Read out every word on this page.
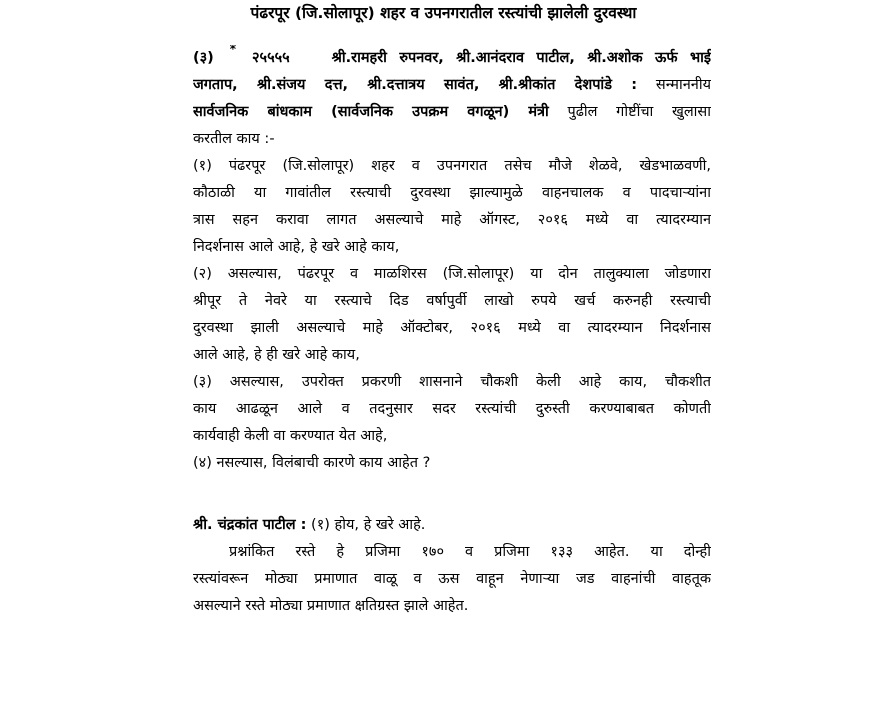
पंढरपूर (जि.सोलापूर) शहर व उपनगरातील रस्त्यांची झालेली दुरवस्था
(३) * २५५५५	श्री.रामहरी रुपनवर, श्री.आनंदराव पाटील, श्री.अशोक ऊर्फ भाई
जगताप, श्री.संजय दत्त, श्री.दत्तात्रय सावंत, श्री.श्रीकांत देशपांडे : सन्माननीय
सार्वजनिक बांधकाम (सार्वजनिक उपक्रम वगळून) मंत्री पुढील गोष्टींचा खुलासा
करतील काय :-
(१) पंढरपूर (जि.सोलापूर) शहर व उपनगरात तसेच मौजे शेळवे, खेडभाळवणी,
कौठाळी या गावांतील रस्त्याची दुरवस्था झाल्यामुळे वाहनचालक व पादचाऱ्यांना
त्रास सहन करावा लागत असल्याचे माहे ऑगस्ट, २०१६ मध्ये वा त्यादरम्यान
निदर्शनास आले आहे, हे खरे आहे काय,
(२) असल्यास, पंढरपूर व माळशिरस (जि.सोलापूर) या दोन तालुक्याला जोडणारा
श्रीपूर ते नेवरे या रस्त्याचे दिड वर्षापुर्वी लाखो रुपये खर्च करुनही रस्त्याची
दुरवस्था झाली असल्याचे माहे ऑक्टोबर, २०१६ मध्ये वा त्यादरम्यान निदर्शनास
आले आहे, हे ही खरे आहे काय,
(३) असल्यास, उपरोक्त प्रकरणी शासनाने चौकशी केली आहे काय, चौकशीत
काय आढळून आले व तदनुसार सदर रस्त्यांची दुरुस्ती करण्याबाबत कोणती
कार्यवाही केली वा करण्यात येत आहे,
(४) नसल्यास, विलंबाची कारणे काय आहेत ?
श्री. चंद्रकांत पाटील : (१) होय, हे खरे आहे.
प्रश्नांकित रस्ते हे प्रजिमा १७० व प्रजिमा १३३ आहेत. या दोन्ही
रस्त्यांवरून मोठ्या प्रमाणात वाळू व ऊस वाहून नेणाऱ्या जड वाहनांची वाहतूक
असल्याने रस्ते मोठ्या प्रमाणात क्षतिग्रस्त झाले आहेत.
